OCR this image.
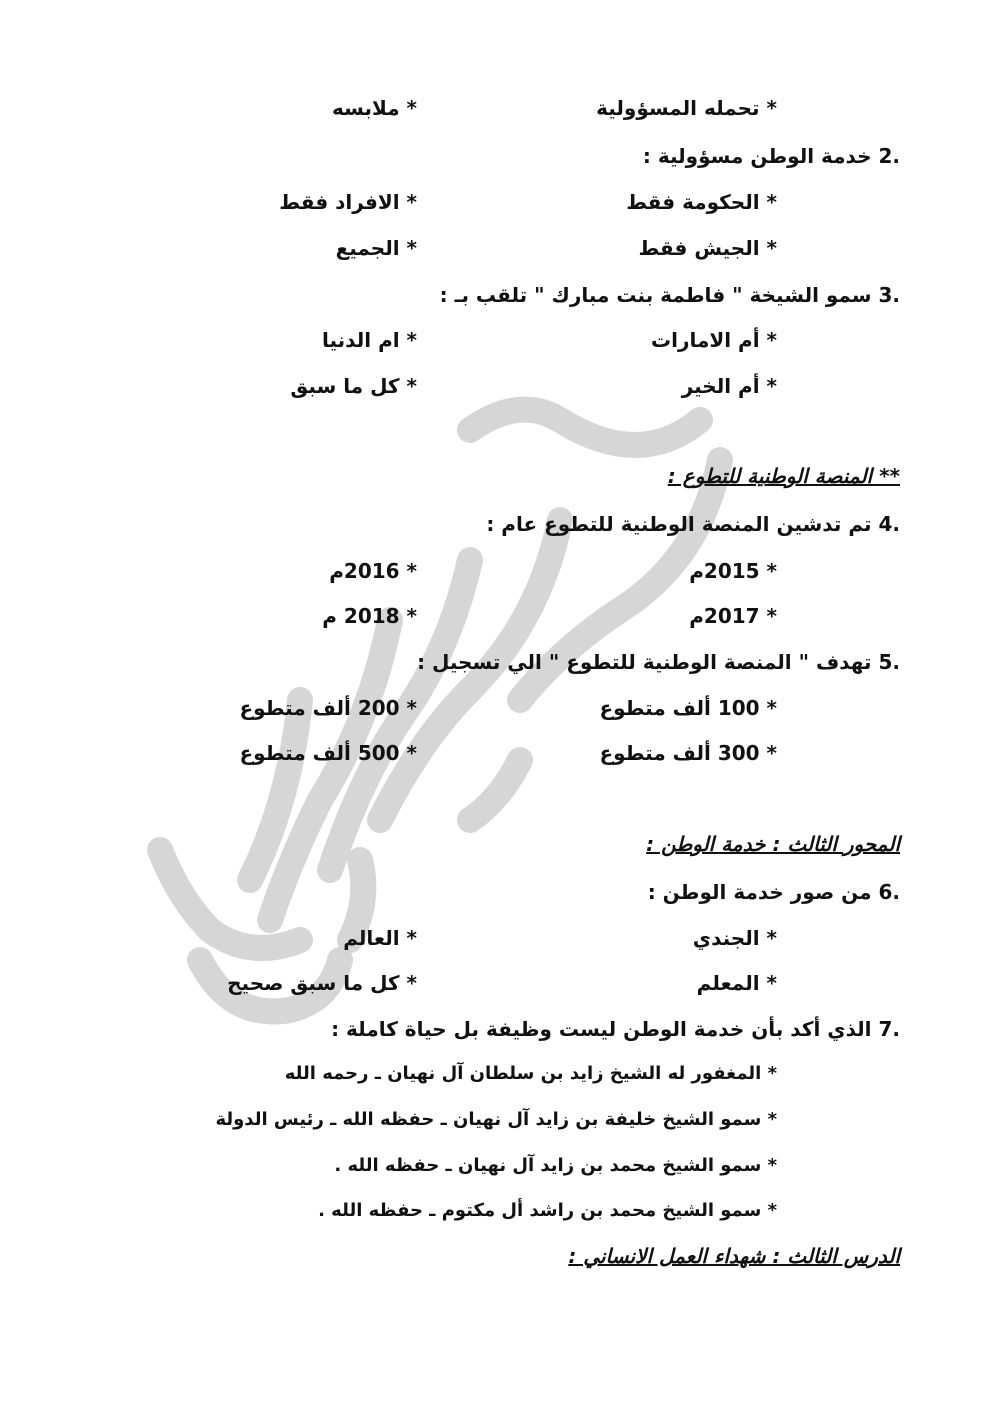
* تحمله المسؤولية
* ملابسه
2. خدمة الوطن مسؤولية :
* الحكومة فقط
* الافراد فقط
* الجيش فقط
* الجميع
3. سمو الشيخة " فاطمة بنت مبارك " تلقب بـ :
* أم الامارات
* ام الدنيا
* أم الخير
* كل ما سبق
** المنصة الوطنية للتطوع :
4. تم تدشين المنصة الوطنية للتطوع عام :
* 2015م
* 2016م
* 2017م
* 2018 م
5. تهدف " المنصة الوطنية للتطوع " الي تسجيل :
* 100 ألف متطوع
* 200 ألف متطوع
* 300 ألف متطوع
* 500 ألف متطوع
المحور الثالث : خدمة الوطن :
6. من صور خدمة الوطن :
* الجندي
* العالم
* المعلم
* كل ما سبق صحيح
7. الذي أكد بأن خدمة الوطن ليست وظيفة بل حياة كاملة :
* المغفور له الشيخ زايد بن سلطان آل نهيان ـ رحمه الله
* سمو الشيخ خليفة بن زايد آل نهيان ـ حفظه الله ـ رئيس الدولة
* سمو الشيخ محمد بن زايد آل نهيان ـ حفظه الله .
* سمو الشيخ محمد بن راشد أل مكتوم ـ حفظه الله .
الدرس الثالث : شهداء العمل الانساني :
